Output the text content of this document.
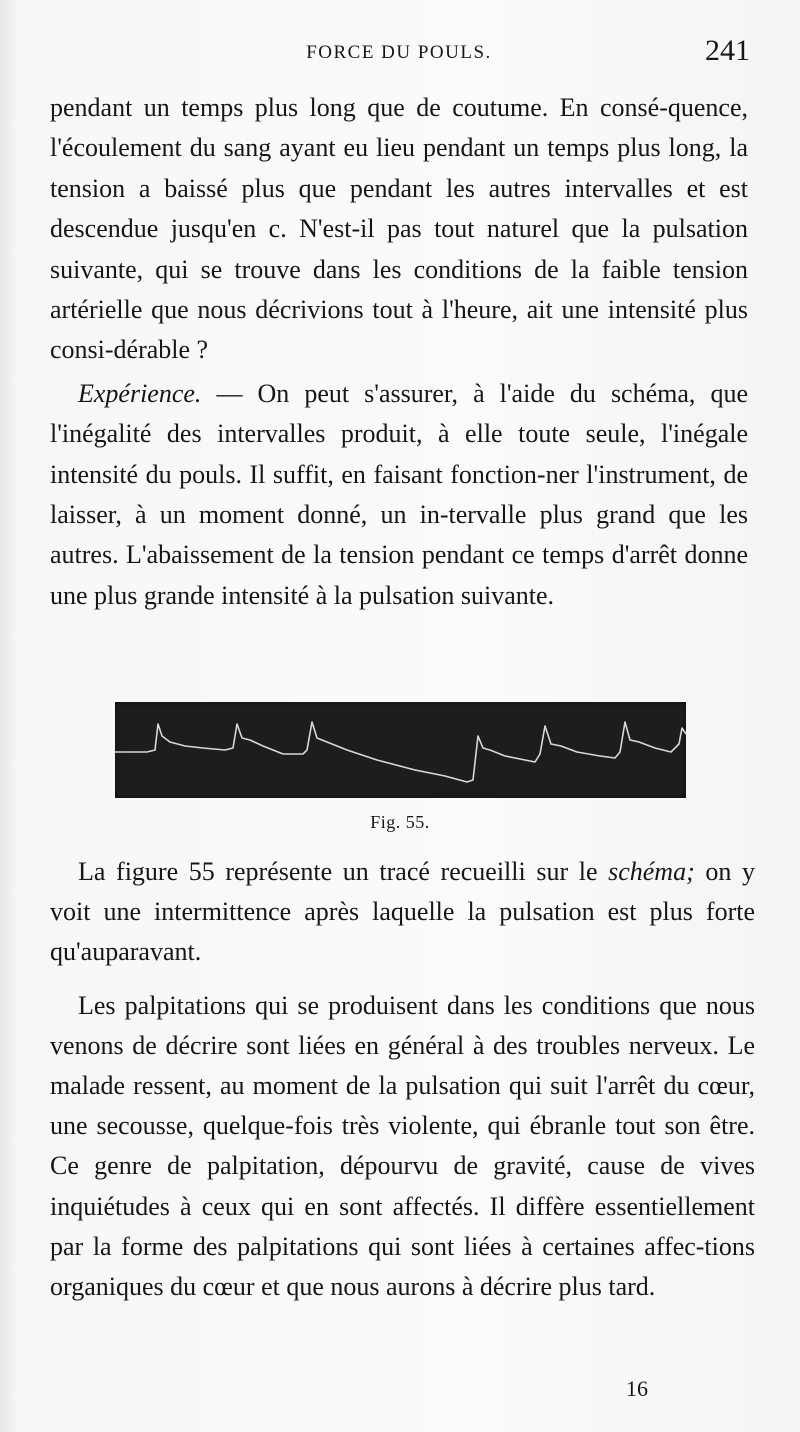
FORCE DU POULS.	241

pendant un temps plus long que de coutume. En consé-quence, l'écoulement du sang ayant eu lieu pendant un temps plus long, la tension a baissé plus que pendant les autres intervalles et est descendue jusqu'en c. N'est-il pas tout naturel que la pulsation suivante, qui se trouve dans les conditions de la faible tension artérielle que nous décrivions tout à l'heure, ait une intensité plus consi-dérable ?

Expérience. — On peut s'assurer, à l'aide du schéma, que l'inégalité des intervalles produit, à elle toute seule, l'inégale intensité du pouls. Il suffit, en faisant fonction-ner l'instrument, de laisser, à un moment donné, un in-tervalle plus grand que les autres. L'abaissement de la tension pendant ce temps d'arrêt donne une plus grande intensité à la pulsation suivante.

Fig. 55.

La figure 55 représente un tracé recueilli sur le schéma; on y voit une intermittence après laquelle la pulsation est plus forte qu'auparavant.

Les palpitations qui se produisent dans les conditions que nous venons de décrire sont liées en général à des troubles nerveux. Le malade ressent, au moment de la pulsation qui suit l'arrêt du cœur, une secousse, quelque-fois très violente, qui ébranle tout son être. Ce genre de palpitation, dépourvu de gravité, cause de vives inquiétudes à ceux qui en sont affectés. Il diffère essentiellement par la forme des palpitations qui sont liées à certaines affec-tions organiques du cœur et que nous aurons à décrire plus tard.

16
